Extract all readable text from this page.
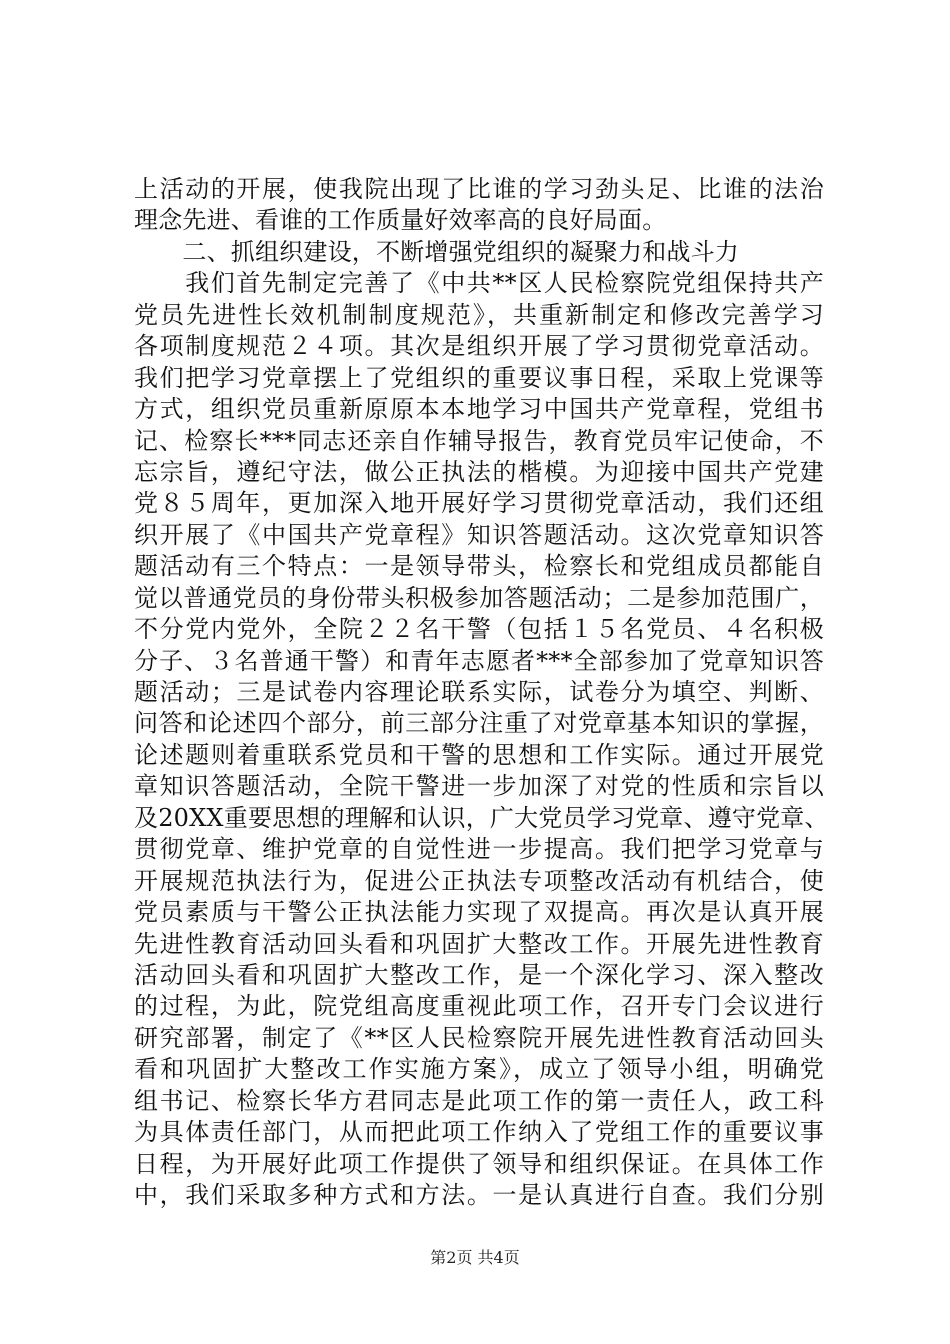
上活动的开展，使我院出现了比谁的学习劲头足、比谁的法治
理念先进、看谁的工作质量好效率高的良好局面。
　　二、抓组织建设，不断增强党组织的凝聚力和战斗力
　　我们首先制定完善了《中共**区人民检察院党组保持共产
党员先进性长效机制制度规范》，共重新制定和修改完善学习
各项制度规范２４项。其次是组织开展了学习贯彻党章活动。
我们把学习党章摆上了党组织的重要议事日程，采取上党课等
方式，组织党员重新原原本本地学习中国共产党章程，党组书
记、检察长***同志还亲自作辅导报告，教育党员牢记使命，不
忘宗旨，遵纪守法，做公正执法的楷模。为迎接中国共产党建
党８５周年，更加深入地开展好学习贯彻党章活动，我们还组
织开展了《中国共产党章程》知识答题活动。这次党章知识答
题活动有三个特点：一是领导带头，检察长和党组成员都能自
觉以普通党员的身份带头积极参加答题活动；二是参加范围广，
不分党内党外，全院２２名干警（包括１５名党员、４名积极
分子、３名普通干警）和青年志愿者***全部参加了党章知识答
题活动；三是试卷内容理论联系实际，试卷分为填空、判断、
问答和论述四个部分，前三部分注重了对党章基本知识的掌握，
论述题则着重联系党员和干警的思想和工作实际。通过开展党
章知识答题活动，全院干警进一步加深了对党的性质和宗旨以
及20XX重要思想的理解和认识，广大党员学习党章、遵守党章、
贯彻党章、维护党章的自觉性进一步提高。我们把学习党章与
开展规范执法行为，促进公正执法专项整改活动有机结合，使
党员素质与干警公正执法能力实现了双提高。再次是认真开展
先进性教育活动回头看和巩固扩大整改工作。开展先进性教育
活动回头看和巩固扩大整改工作，是一个深化学习、深入整改
的过程，为此，院党组高度重视此项工作，召开专门会议进行
研究部署，制定了《**区人民检察院开展先进性教育活动回头
看和巩固扩大整改工作实施方案》，成立了领导小组，明确党
组书记、检察长华方君同志是此项工作的第一责任人，政工科
为具体责任部门，从而把此项工作纳入了党组工作的重要议事
日程，为开展好此项工作提供了领导和组织保证。在具体工作
中，我们采取多种方式和方法。一是认真进行自查。我们分别
第2页 共4页
